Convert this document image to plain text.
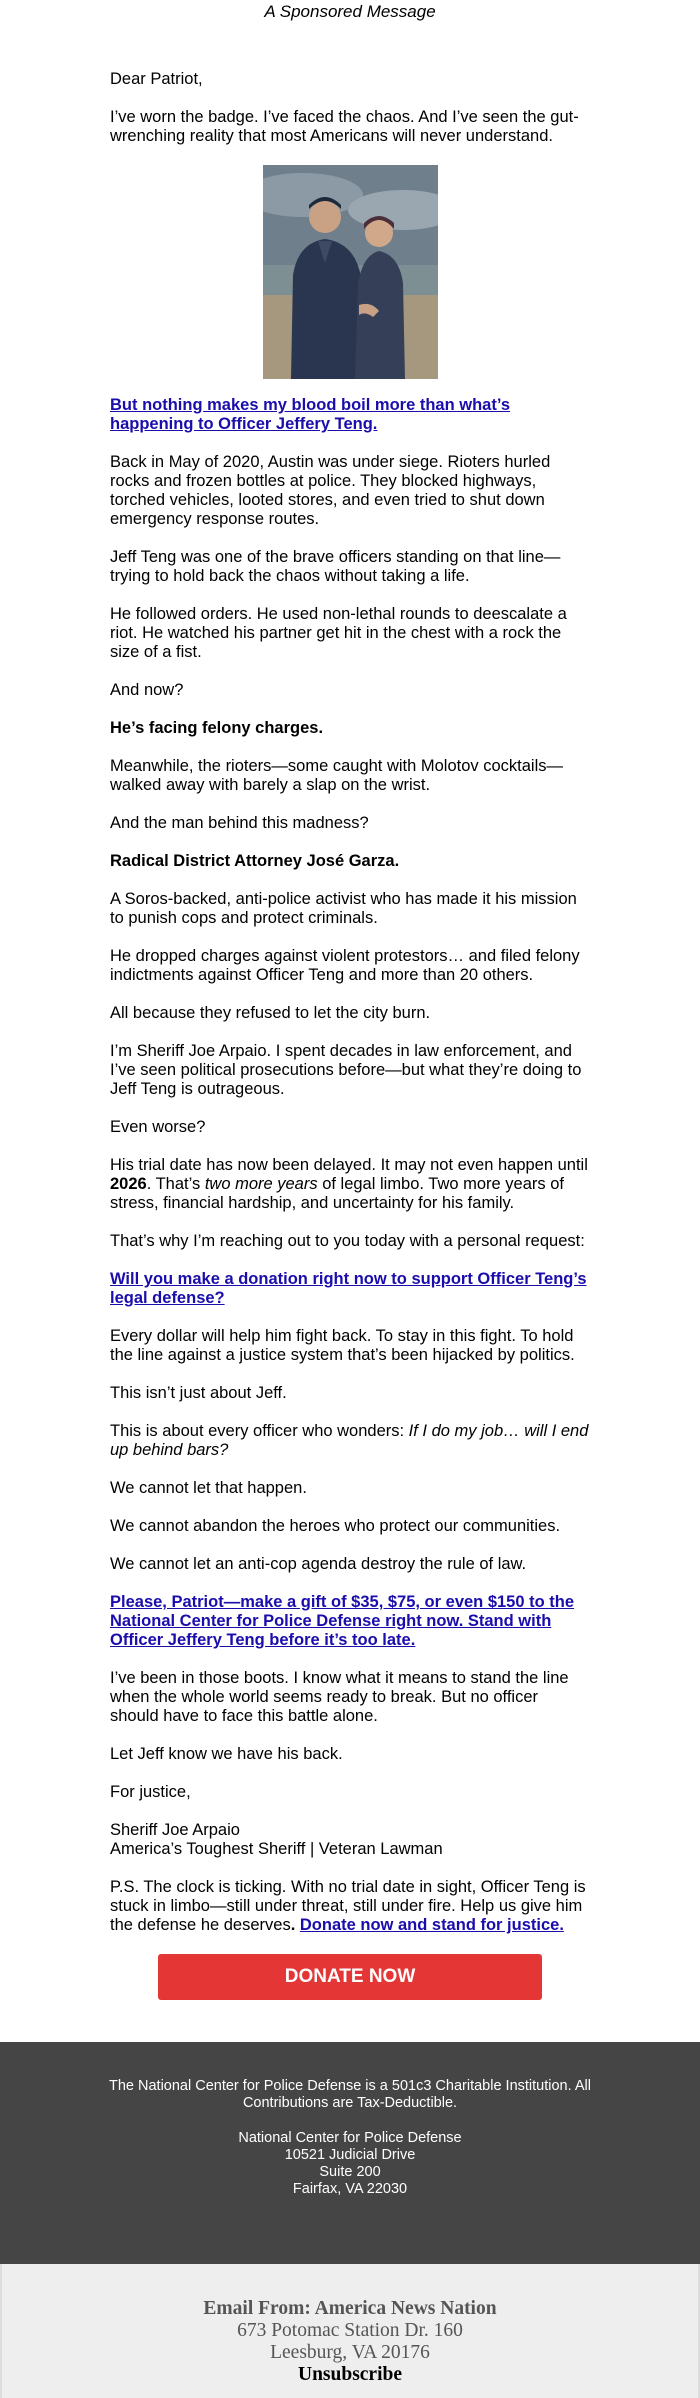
A Sponsored Message

Dear Patriot,

I’ve worn the badge. I’ve faced the chaos. And I’ve seen the gut-wrenching reality that most Americans will never understand.

But nothing makes my blood boil more than what’s happening to Officer Jeffery Teng.

Back in May of 2020, Austin was under siege. Rioters hurled rocks and frozen bottles at police. They blocked highways, torched vehicles, looted stores, and even tried to shut down emergency response routes.

Jeff Teng was one of the brave officers standing on that line—trying to hold back the chaos without taking a life.

He followed orders. He used non-lethal rounds to deescalate a riot. He watched his partner get hit in the chest with a rock the size of a fist.

And now?

He’s facing felony charges.

Meanwhile, the rioters—some caught with Molotov cocktails—walked away with barely a slap on the wrist.

And the man behind this madness?

Radical District Attorney José Garza.

A Soros-backed, anti-police activist who has made it his mission to punish cops and protect criminals.

He dropped charges against violent protestors… and filed felony indictments against Officer Teng and more than 20 others.

All because they refused to let the city burn.

I’m Sheriff Joe Arpaio. I spent decades in law enforcement, and I’ve seen political prosecutions before—but what they’re doing to Jeff Teng is outrageous.

Even worse?

His trial date has now been delayed. It may not even happen until 2026. That’s two more years of legal limbo. Two more years of stress, financial hardship, and uncertainty for his family.

That’s why I’m reaching out to you today with a personal request:

Will you make a donation right now to support Officer Teng’s legal defense?

Every dollar will help him fight back. To stay in this fight. To hold the line against a justice system that’s been hijacked by politics.

This isn’t just about Jeff.

This is about every officer who wonders: If I do my job… will I end up behind bars?

We cannot let that happen.

We cannot abandon the heroes who protect our communities.

We cannot let an anti-cop agenda destroy the rule of law.

Please, Patriot—make a gift of $35, $75, or even $150 to the National Center for Police Defense right now. Stand with Officer Jeffery Teng before it’s too late.

I’ve been in those boots. I know what it means to stand the line when the whole world seems ready to break. But no officer should have to face this battle alone.

Let Jeff know we have his back.

For justice,

Sheriff Joe Arpaio
America’s Toughest Sheriff | Veteran Lawman

P.S. The clock is ticking. With no trial date in sight, Officer Teng is stuck in limbo—still under threat, still under fire. Help us give him the defense he deserves. Donate now and stand for justice.

DONATE NOW
The National Center for Police Defense is a 501c3 Charitable Institution. All Contributions are Tax-Deductible.
National Center for Police Defense
10521 Judicial Drive
Suite 200
Fairfax, VA 22030
Email From: America News Nation
673 Potomac Station Dr. 160
Leesburg, VA 20176
Unsubscribe
